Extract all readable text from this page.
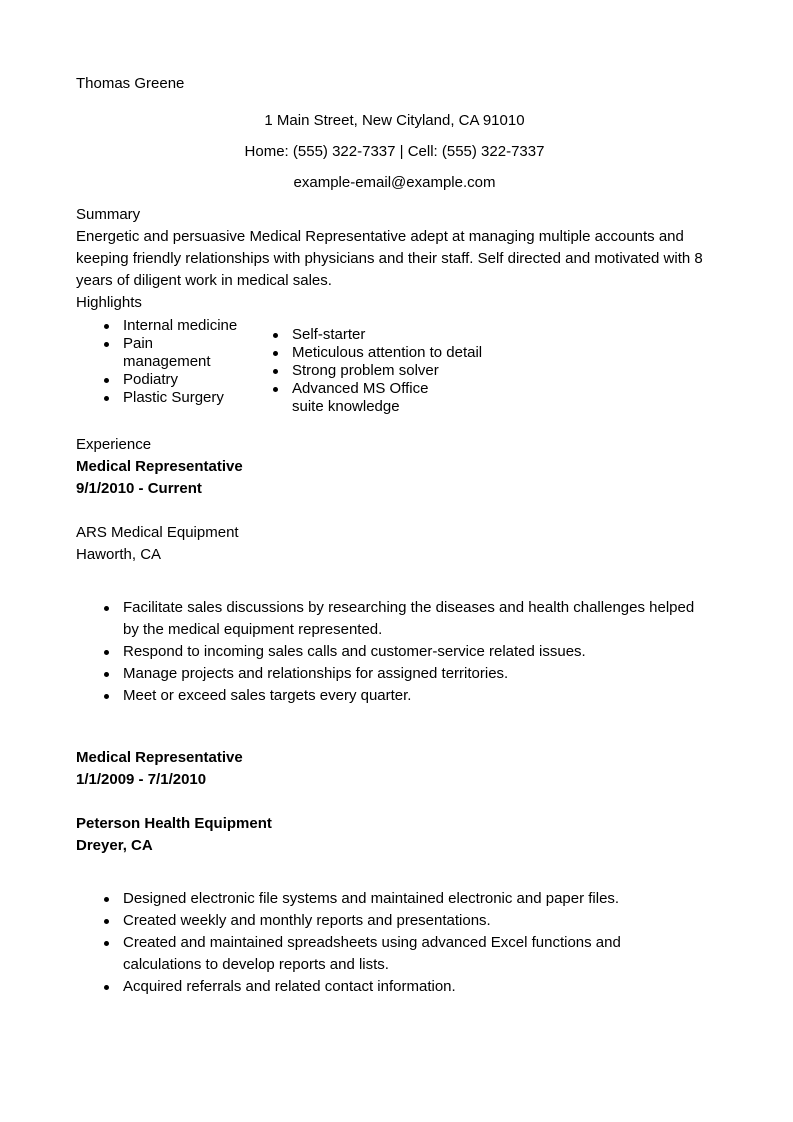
Thomas Greene
1 Main Street, New Cityland, CA 91010
Home: (555) 322-7337 | Cell: (555) 322-7337
example-email@example.com
Summary
Energetic and persuasive Medical Representative adept at managing multiple accounts and keeping friendly relationships with physicians and their staff. Self directed and motivated with 8 years of diligent work in medical sales.
Highlights
Internal medicine
Pain management
Podiatry
Plastic Surgery
Self-starter
Meticulous attention to detail
Strong problem solver
Advanced MS Office suite knowledge
Experience
Medical Representative
9/1/2010 - Current
ARS Medical Equipment
Haworth, CA
Facilitate sales discussions by researching the diseases and health challenges helped by the medical equipment represented.
Respond to incoming sales calls and customer-service related issues.
Manage projects and relationships for assigned territories.
Meet or exceed sales targets every quarter.
Medical Representative
1/1/2009 - 7/1/2010
Peterson Health Equipment
Dreyer, CA
Designed electronic file systems and maintained electronic and paper files.
Created weekly and monthly reports and presentations.
Created and maintained spreadsheets using advanced Excel functions and calculations to develop reports and lists.
Acquired referrals and related contact information.
